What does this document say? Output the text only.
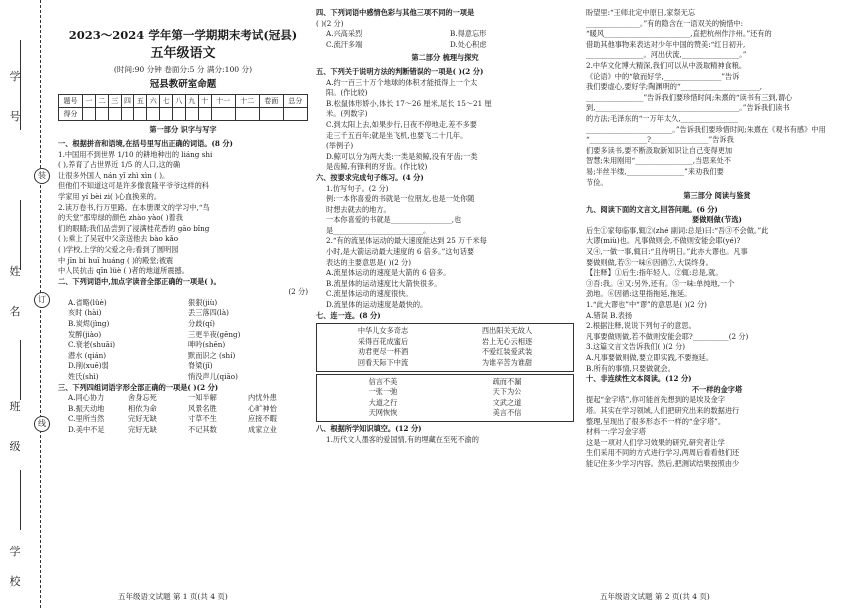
学
号
装
姓
名
订
班
线
级
学
校
2023～2024 学年第一学期期末考试(冠县)
五年级语文
(时间:90 分钟 卷面分:5 分 满分:100 分)
冠县教研室命题
题号	一	二	三	四	五	六	七	八	九	十	十一	十二	卷面	总分
得分														
第一部分 识字与写字

一、根据拼音和语境,在括号里写出正确的词语。(8 分)

1.中国用不到世界 1/10 的耕地种出的 liáng shi

( ),养育了占世界近 1/5 的人口,这的确

让很多外国人 nán yǐ zhì xìn ( )。

但他们不知道这可是许多像袁隆平爷爷这样的科

学家用 yí bèi zi( )心血换来的。

2.读万卷书,行万里路。在本册课文的学习中,“鸟

的天堂”那卑绿的颜色 zhào yào( )着我

们的眼睛;我们品尝到了浸满桂花香的 gāo bǐng

( );乘上了吴冠中父亲送他去 bào kǎo

( )学校,上学的父爱之舟;看到了圆明园

中 jīn bì huī huáng ( )的殿堂;被震

中人民抗击 qīn lüè ( )者的地道所震撼。

二、下列词语中,加点字读音全部正确的一项是( )。

(2 分)

A.省略(lüè)	狠狠(jiù)
亥时 (hài)	丢三落四(là)
B.炭烬(jìng)	分歧(qí)
发醉(jiào)	三更半夜(gēng)
C.衰老(shuāi)	呻吟(shēn)
潜水 (qián)	默而识之 (shí)
D.削(xuē)弱	脊梁(jǐ)
姓氏(shì)	悄没声儿(qiāo)

三、下列四组词语字形全部正确的一项是( )(2 分)

A.同心协力	舍身忘死	一知半解	内忧外患
B.振天动地	相依为命	风景名胜	心旷神怡
C.里所当然	完好无缺	寸草不生	应接不暇
D.美中不足	完好无缺	不记其数	成家立业
五年级语文试题 第 1 页(共 4 页)

四、下列词语中感情色彩与其他三项不同的一项是

( )(2 分)

A.兴高采烈	B.得意忘形
C.流汗多端	D.处心积虑
第二部分 梳理与探究

五、下列关于说明方法的判断错误的一项是( )(2 分)

A.约一百三十万个地球的体积才能抵得上一个太

阳。(作比较)

B.松鼠体形娇小,体长 17～26 厘米,尾长 15～21 厘

米。(列数字)

C.到太阳上去,如果步行,日夜不停地走,差不多要

走三千五百年;就是坐飞机,也要飞二十几年。

(举例子)

D.鲸可以分为两大类:一类是须鲸,没有牙齿;一类

是齿鲸,有锋利的牙齿。(作比较)

六、按要求完成句子练习。(4 分)

1.仿写句子。(2 分)

例:一本你喜爱的书就是一位朋友,也是一处你随

时想去就去的地方。

一本你喜爱的书就是_________________,也

是_________________________。

2.“有的流星体运动的最大速度能达到 25 万千米每

小时,是大箭运动最大速度的 6 倍多。”这句话要

表达的主要意思是( )(2 分)

A.流星体运动的速度是大箭的 6 倍多。

B.流星体的运动速度比大箭快很多。

C.流星体运动的速度很快。

D.流星体的运动速度是最快的。

七、连一连。(8 分)

中华儿女多奇志	西出阳关无故人
采得百花成蜜后	岩上无心云相逐
劝君更尽一杯酒	不爱红装爱武装
回看天际下中流	为谁辛苦为谁甜
信言不美	疏而不漏
一张一弛	天下为公
大道之行	文武之道
天网恢恢	美言不信

八、根据所学知识填空。(12 分)

1.历代文人墨客的爱国情,有的埋藏在至死不渝的

盼望里:“王师北定中原日,家祭无忘

_______________。”有的隐含在一语双关的惋惜中:

“暖风________________________,直把杭州作汴州。”还有的

借助其他事物来表达对少年中国的赞美:“红日初升,

________________。河出伏流,________________。”

2.中华文化博大精深,我们可以从中汲取精神食粮。

《论语》中的“敏而好学,________________”告诉

我们要虚心,要好学;陶渊明的“______________________,

________________”告诉我们要珍惜时间;朱熹的“读书有三到,谓心

到,________________________________________。”告诉我们读书

的方法;毛泽东的“一万年太久,________________

________________________。”告诉我们要珍惜时间;朱熹在《观书有感》中用

“________________?________________”告诉我

们要多读书,要不断汲取新知识让自己变得更加

智慧;朱用刚用“________________,当思来处不

易;半丝半缕,________________”来劝我们要

节俭。

第三部分 阅读与鉴赏

九、阅读下面的文言文,回答问题。(6 分)

要做则做(节选)

后生①家每临事,辄②(zhé 副词:总是)曰:“吾③不会做。”此

大谬(miù)也。凡事做则会,不做则安能会耶(yé)?

又④,一做一事,辄曰:“且待明日。”此亦大谬也。凡事

要做则做,若⑤一味⑥因循⑦,大误终身。

【注释】①后生:指年轻人。②辄:总是,就。

③吾:我。④又:另外,还有。⑤一味:单纯地,一个

劲地。⑥因循:这里指拖延,拖延。

1.“此大谬也”中“谬”的意思是( )(2 分)

A.错误 B.表扬

2.根据注释,说说下列句子的意思。

凡事要做则做,若不做则安能会耶?__________(2 分)

3.这篇文言文告诉我们( )(2 分)

A.凡事要做则做,要立即实践,不要拖延。

B.所有的事情,只要做就会。

十、非连续性文本阅读。(12 分)

不一样的金字塔

提起“金字塔”,你可能首先想到的是埃及金字

塔。其实在学习领域,人们把研究出来的数据进行

整理,呈现出了很多形态不一样的“金字塔”。

材料一:学习金字塔

这是一项对人们学习效果的研究,研究者让学

生们采用不同的方式进行学习,两周后看看他们还

能记住多少学习内容。然后,把测试结果按照由少

五年级语文试题 第 2 页(共 4 页)
